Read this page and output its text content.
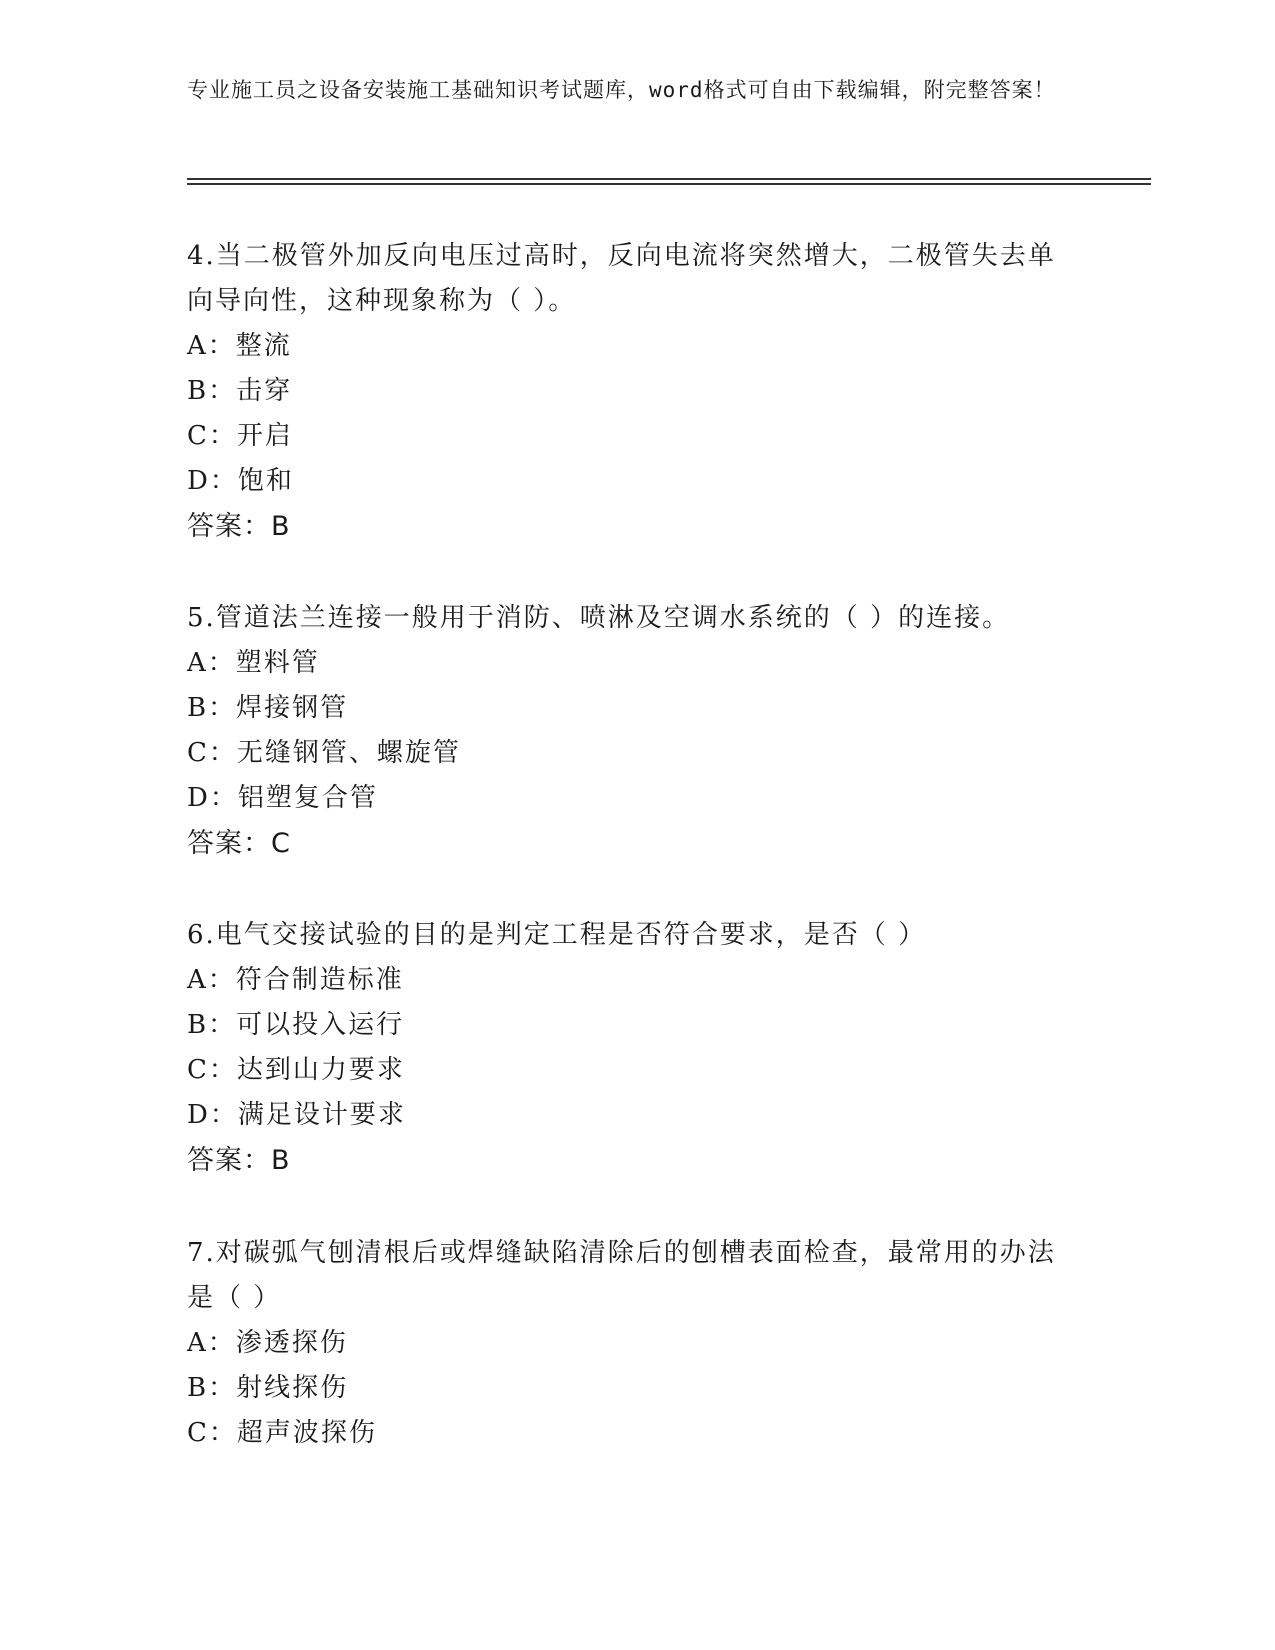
专业施工员之设备安装施工基础知识考试题库，word格式可自由下载编辑，附完整答案！

4.当二极管外加反向电压过高时，反向电流将突然增大，二极管失去单向导向性，这种现象称为（ ）。

A：整流

B：击穿

C：开启

D：饱和

答案：B

5.管道法兰连接一般用于消防、喷淋及空调水系统的（ ）的连接。

A：塑料管

B：焊接钢管

C：无缝钢管、螺旋管

D：铝塑复合管

答案：C

6.电气交接试验的目的是判定工程是否符合要求，是否（ ）

A：符合制造标准

B：可以投入运行

C：达到山力要求

D：满足设计要求

答案：B

7.对碳弧气刨清根后或焊缝缺陷清除后的刨槽表面检查，最常用的办法是（ ）

A：渗透探伤

B：射线探伤

C：超声波探伤
